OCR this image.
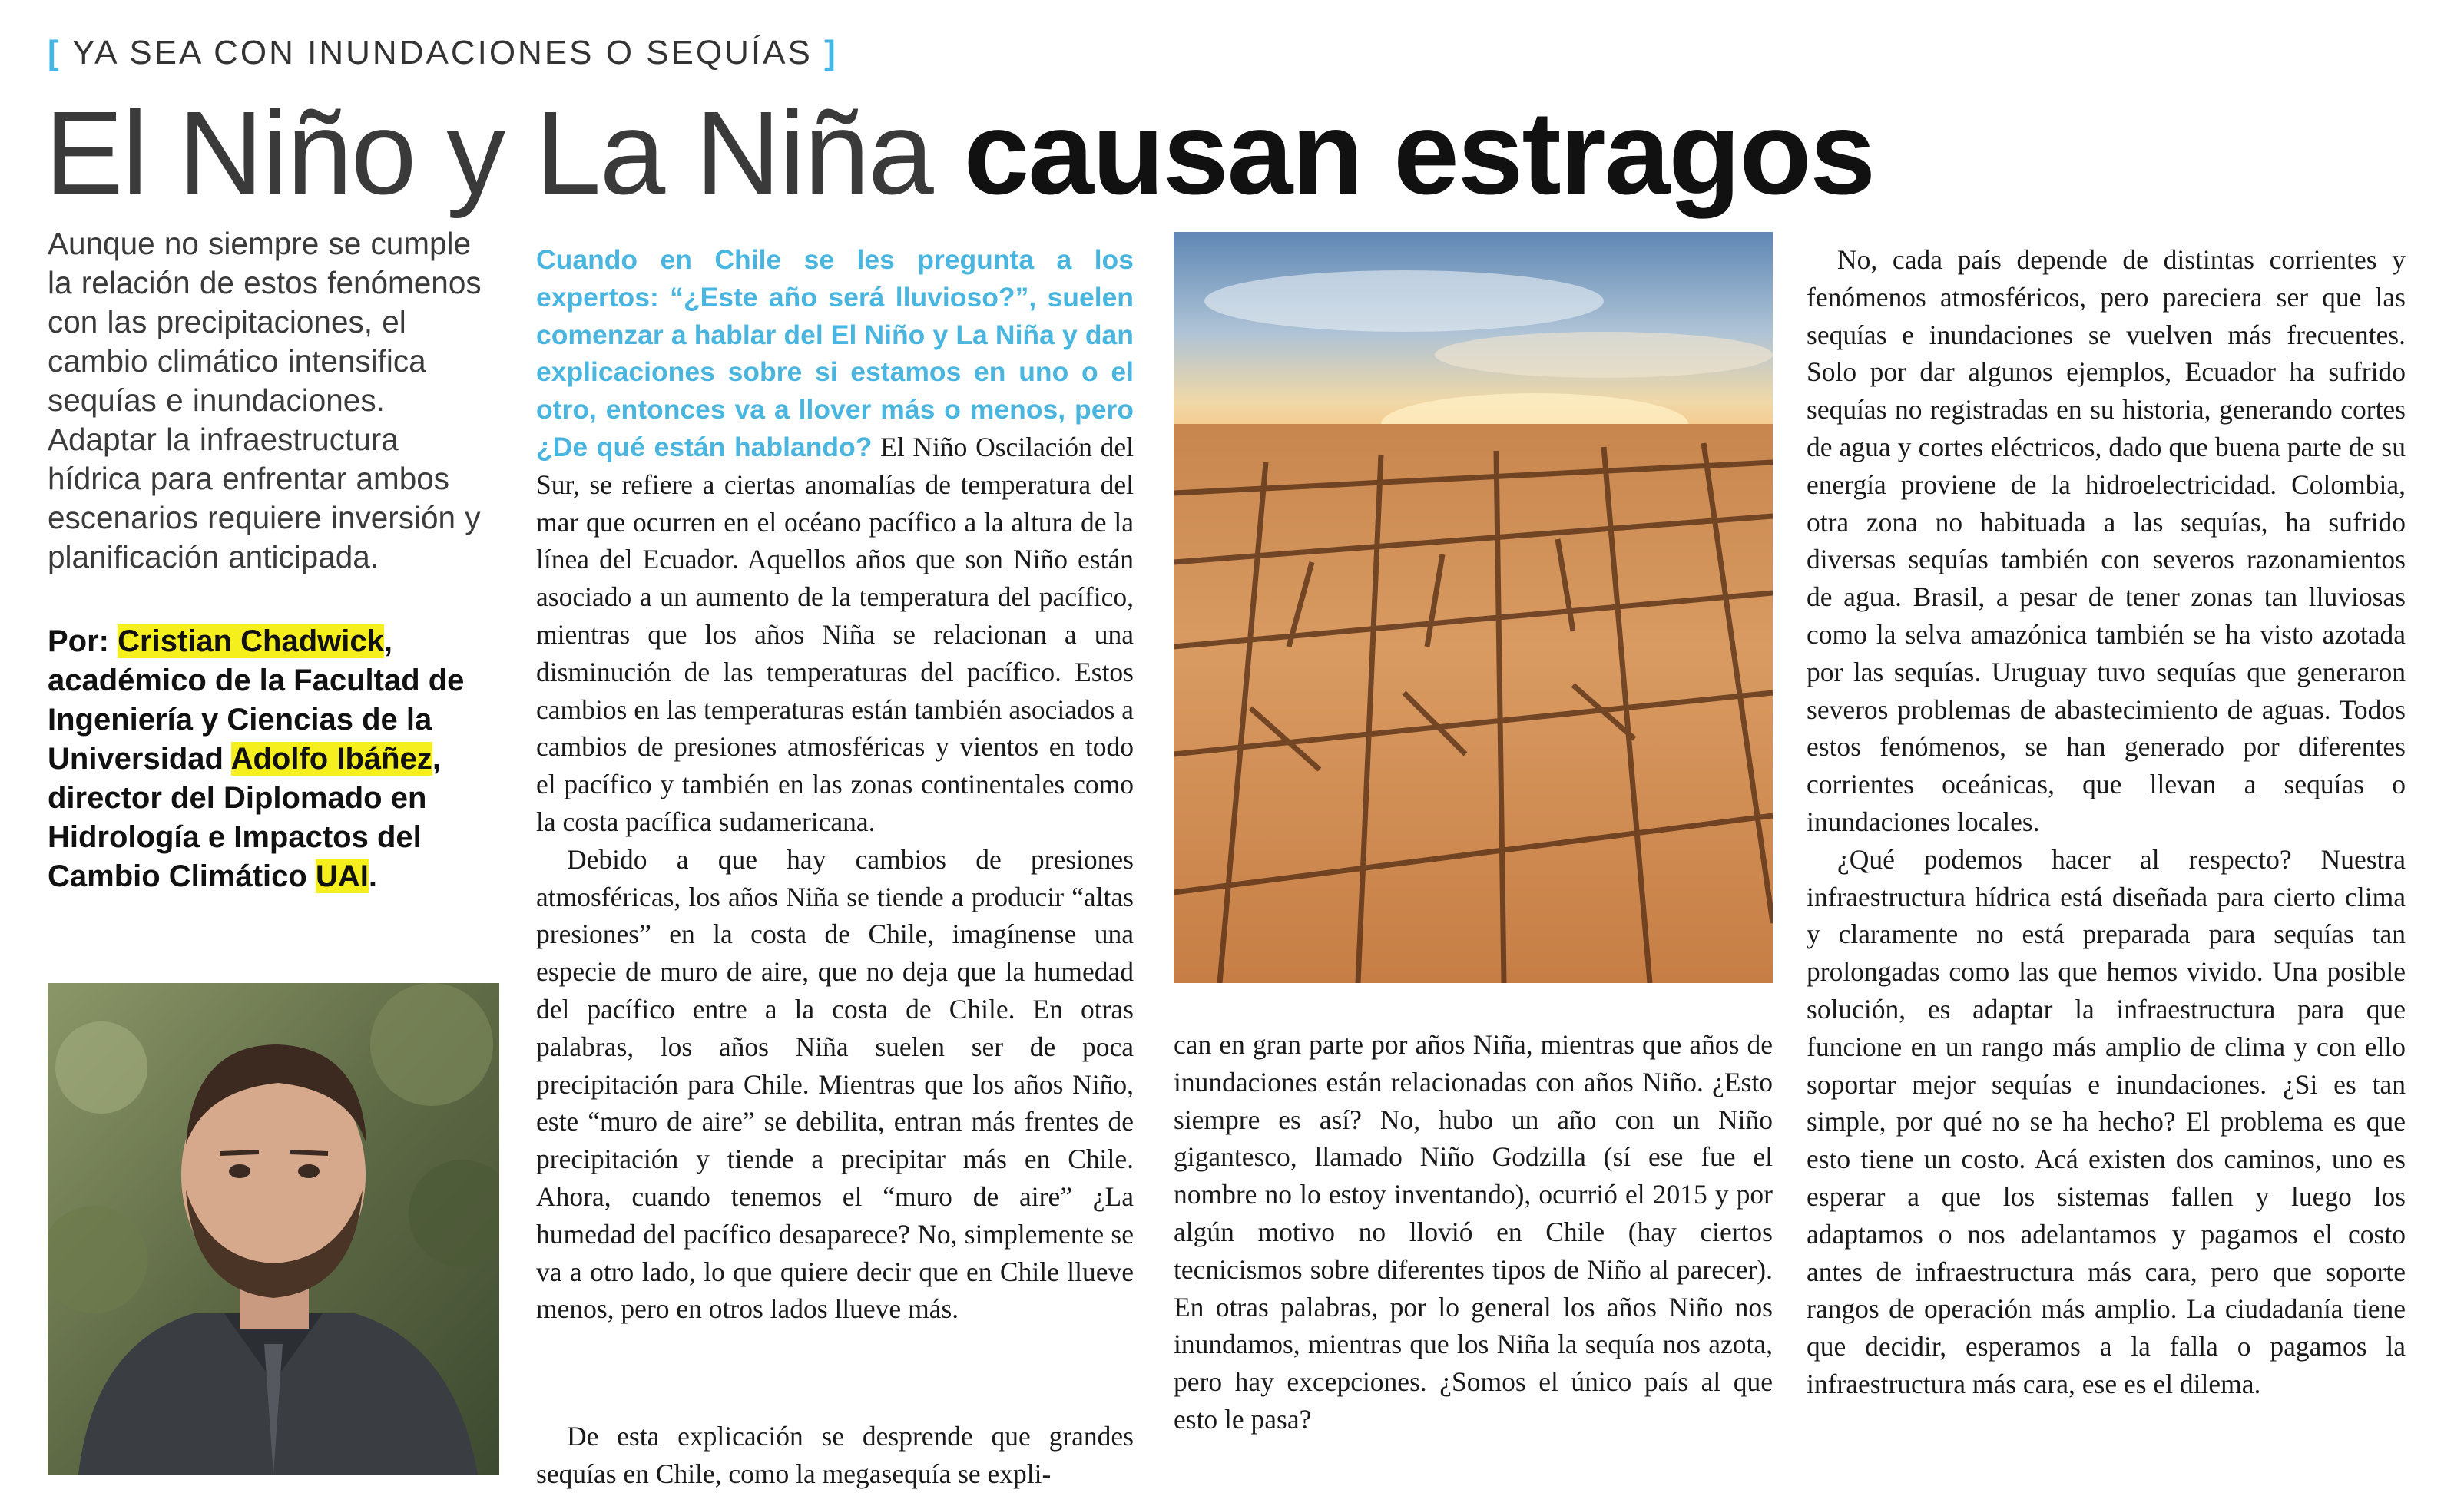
[ YA SEA CON INUNDACIONES O SEQUÍAS ]
El Niño y La Niña causan estragos
Aunque no siempre se cumple la relación de estos fenómenos con las precipitaciones, el cambio climático intensifica sequías e inundaciones. Adaptar la infraestructura hídrica para enfrentar ambos escenarios requiere inversión y planificación anticipada.
Por: Cristian Chadwick, académico de la Facultad de Ingeniería y Ciencias de la Universidad Adolfo Ibáñez, director del Diplomado en Hidrología e Impactos del Cambio Climático UAI.

Cuando en Chile se les pregunta a los expertos: “¿Este año será lluvioso?”, suelen comenzar a hablar del El Niño y La Niña y dan explicaciones sobre si estamos en uno o el otro, entonces va a llover más o menos, pero ¿De qué están hablando? El Niño Oscilación del Sur, se refiere a ciertas anomalías de temperatura del mar que ocurren en el océano pacífico a la altura de la línea del Ecuador. Aquellos años que son Niño están asociado a un aumento de la temperatura del pacífico, mientras que los años Niña se relacionan a una disminución de las temperaturas del pacífico. Estos cambios en las temperaturas están también asociados a cambios de presiones atmosféricas y vientos en todo el pacífico y también en las zonas continentales como la costa pacífica sudamericana.

Debido a que hay cambios de presiones atmosféricas, los años Niña se tiende a producir “altas presiones” en la costa de Chile, imagínense una especie de muro de aire, que no deja que la humedad del pacífico entre a la costa de Chile. En otras palabras, los años Niña suelen ser de poca precipitación para Chile. Mientras que los años Niño, este “muro de aire” se debilita, entran más frentes de precipitación y tiende a precipitar más en Chile. Ahora, cuando tenemos el “muro de aire” ¿La humedad del pacífico desaparece? No, simplemente se va a otro lado, lo que quiere decir que en Chile llueve menos, pero en otros lados llueve más.

De esta explicación se desprende que grandes sequías en Chile, como la megasequía se expli-

can en gran parte por años Niña, mientras que años de inundaciones están relacionadas con años Niño. ¿Esto siempre es así? No, hubo un año con un Niño gigantesco, llamado Niño Godzilla (sí ese fue el nombre no lo estoy inventando), ocurrió el 2015 y por algún motivo no llovió en Chile (hay ciertos tecnicismos sobre diferentes tipos de Niño al parecer). En otras palabras, por lo general los años Niño nos inundamos, mientras que los Niña la sequía nos azota, pero hay excepciones. ¿Somos el único país al que esto le pasa?

No, cada país depende de distintas corrientes y fenómenos atmosféricos, pero pareciera ser que las sequías e inundaciones se vuelven más frecuentes. Solo por dar algunos ejemplos, Ecuador ha sufrido sequías no registradas en su historia, generando cortes de agua y cortes eléctricos, dado que buena parte de su energía proviene de la hidroelectricidad. Colombia, otra zona no habituada a las sequías, ha sufrido diversas sequías también con severos razonamientos de agua. Brasil, a pesar de tener zonas tan lluviosas como la selva amazónica también se ha visto azotada por las sequías. Uruguay tuvo sequías que generaron severos problemas de abastecimiento de aguas. Todos estos fenómenos, se han generado por diferentes corrientes oceánicas, que llevan a sequías o inundaciones locales.

¿Qué podemos hacer al respecto? Nuestra infraestructura hídrica está diseñada para cierto clima y claramente no está preparada para sequías tan prolongadas como las que hemos vivido. Una posible solución, es adaptar la infraestructura para que funcione en un rango más amplio de clima y con ello soportar mejor sequías e inundaciones. ¿Si es tan simple, por qué no se ha hecho? El problema es que esto tiene un costo. Acá existen dos caminos, uno es esperar a que los sistemas fallen y luego los adaptamos o nos adelantamos y pagamos el costo antes de infraestructura más cara, pero que soporte rangos de operación más amplio. La ciudadanía tiene que decidir, esperamos a la falla o pagamos la infraestructura más cara, ese es el dilema.
